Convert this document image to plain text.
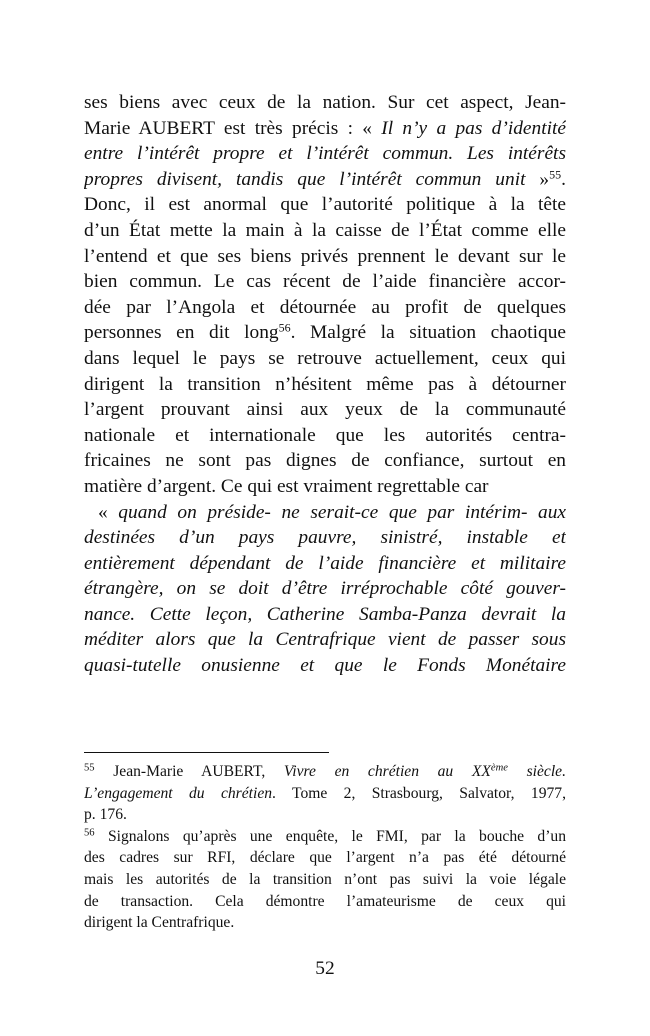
ses biens avec ceux de la nation. Sur cet aspect, Jean-
Marie AUBERT est très précis : « Il n’y a pas d’identité
entre l’intérêt propre et l’intérêt commun. Les intérêts
propres divisent, tandis que l’intérêt commun unit »$^{55}$.
Donc, il est anormal que l’autorité politique à la tête
d’un État mette la main à la caisse de l’État comme elle
l’entend et que ses biens privés prennent le devant sur le
bien commun. Le cas récent de l’aide financière accor-
dée par l’Angola et détournée au profit de quelques
personnes en dit long$^{56}$. Malgré la situation chaotique
dans lequel le pays se retrouve actuellement, ceux qui
dirigent la transition n’hésitent même pas à détourner
l’argent prouvant ainsi aux yeux de la communauté
nationale et internationale que les autorités centra-
fricaines ne sont pas dignes de confiance, surtout en
matière d’argent. Ce qui est vraiment regrettable car
« quand on préside- ne serait-ce que par intérim- aux
destinées d’un pays pauvre, sinistré, instable et
entièrement dépendant de l’aide financière et militaire
étrangère, on se doit d’être irréprochable côté gouver-
nance. Cette leçon, Catherine Samba-Panza devrait la
méditer alors que la Centrafrique vient de passer sous
quasi-tutelle onusienne et que le Fonds Monétaire
$^{55}$ Jean-Marie AUBERT, Vivre en chrétien au XXème siècle.
L’engagement du chrétien. Tome 2, Strasbourg, Salvator, 1977,
p. 176.
$^{56}$ Signalons qu’après une enquête, le FMI, par la bouche d’un
des cadres sur RFI, déclare que l’argent n’a pas été détourné
mais les autorités de la transition n’ont pas suivi la voie légale
de transaction. Cela démontre l’amateurisme de ceux qui
dirigent la Centrafrique.
52
